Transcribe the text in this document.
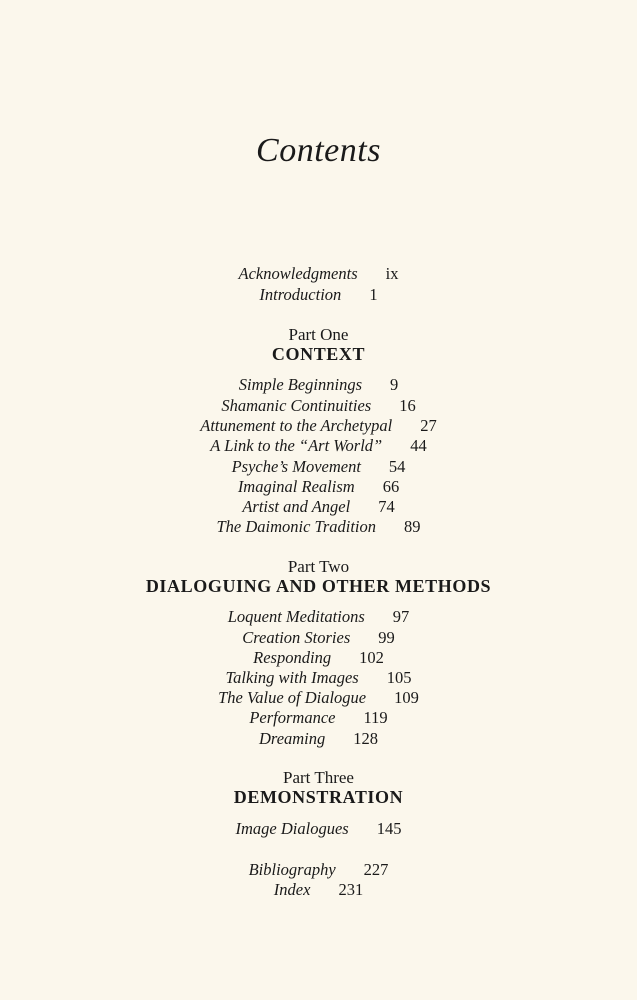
Contents
Acknowledgments ix
Introduction 1
Part One
CONTEXT
Simple Beginnings 9
Shamanic Continuities 16
Attunement to the Archetypal 27
A Link to the “Art World” 44
Psyche’s Movement 54
Imaginal Realism 66
Artist and Angel 74
The Daimonic Tradition 89
Part Two
DIALOGUING AND OTHER METHODS
Loquent Meditations 97
Creation Stories 99
Responding 102
Talking with Images 105
The Value of Dialogue 109
Performance 119
Dreaming 128
Part Three
DEMONSTRATION
Image Dialogues 145
Bibliography 227
Index 231
